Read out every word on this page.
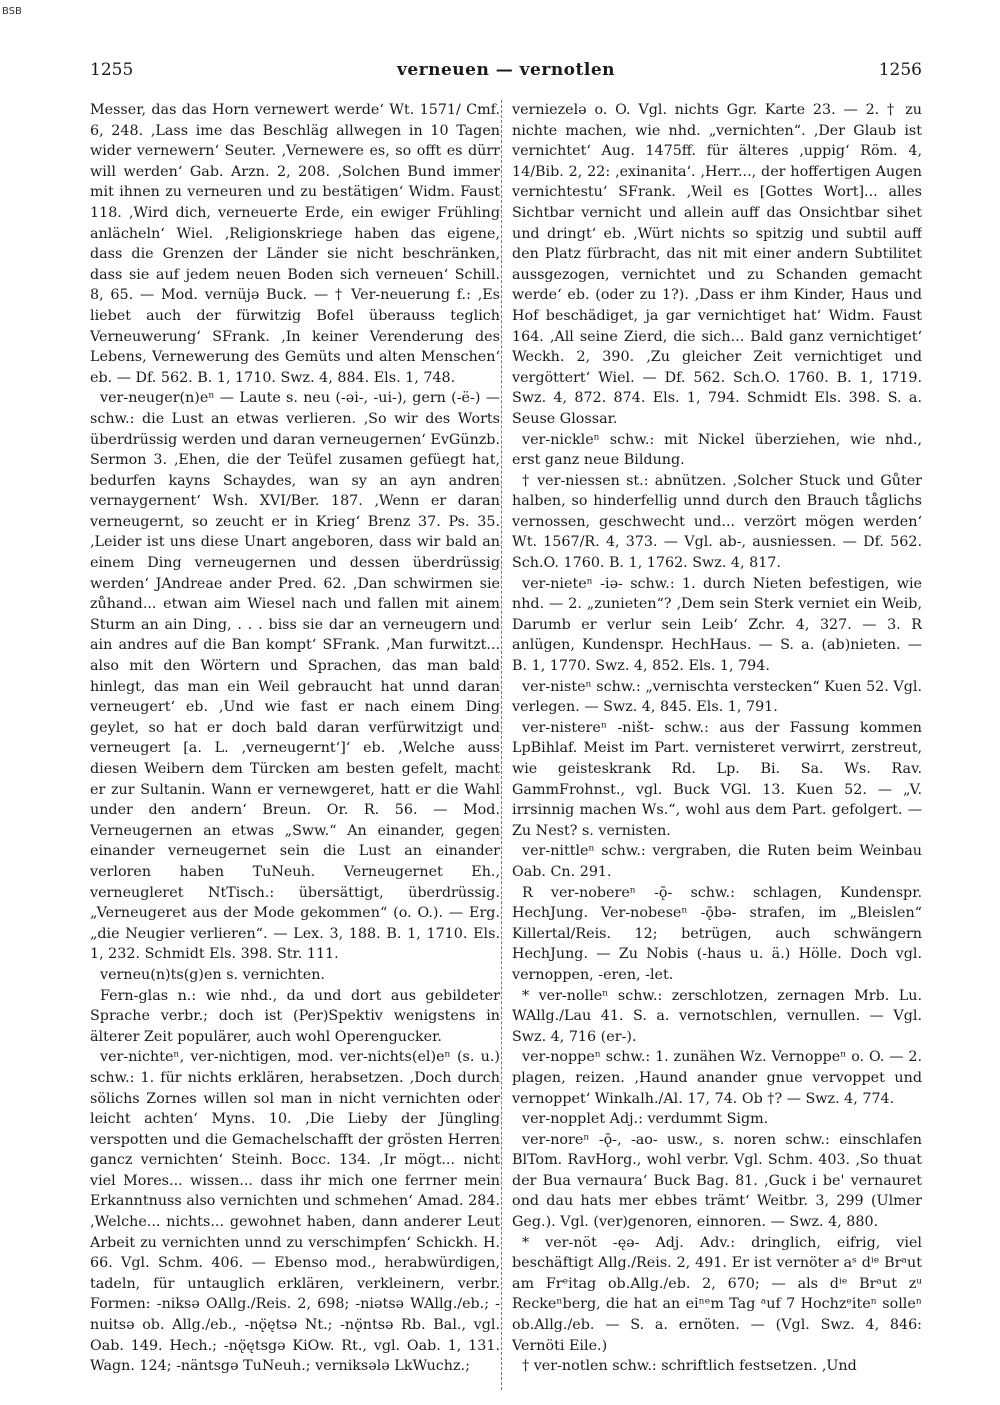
BSB
1255	verneuen — vernotlen	1256

Messer, das das Horn vernewert werde‘ Wt. 1571/ Cmf. 6, 248. ‚Lass ime das Beschläg allwegen in 10 Tagen wider vernewern‘ Seuter. ‚Vernewere es, so offt es dürr will werden‘ Gab. Arzn. 2, 208. ‚Solchen Bund immer mit ihnen zu verneuren und zu bestätigen‘ Widm. Faust 118. ‚Wird dich, verneuerte Erde, ein ewiger Frühling anlächeln‘ Wiel. ‚Religionskriege haben das eigene, dass die Grenzen der Länder sie nicht beschränken, dass sie auf jedem neuen Boden sich verneuen‘ Schill. 8, 65. — Mod. vernüjə Buck. — † Ver-neuerung f.: ‚Es liebet auch der fürwitzig Bofel überauss teglich Verneuwerung‘ SFrank. ‚In keiner Verenderung des Lebens, Vernewerung des Gemüts und alten Menschen‘ eb. — Df. 562. B. 1, 1710. Swz. 4, 884. Els. 1, 748.

ver-neuger(n)eⁿ — Laute s. neu (-əi-, -ui-), gern (-ë-) — schw.: die Lust an etwas verlieren. ‚So wir des Worts überdrüssig werden und daran verneugernen‘ EvGünzb. Sermon 3. ‚Ehen, die der Teüfel zusamen gefüegt hat, bedurfen kayns Schaydes, wan sy an ayn andren vernaygernent‘ Wsh. XVI/Ber. 187. ‚Wenn er daran verneugernt, so zeucht er in Krieg‘ Brenz 37. Ps. 35. ‚Leider ist uns diese Unart angeboren, dass wir bald an einem Ding verneugernen und dessen überdrüssig werden‘ JAndreae ander Pred. 62. ‚Dan schwirmen sie zůhand... etwan aim Wiesel nach und fallen mit ainem Sturm an ain Ding, . . . biss sie dar an verneugern und ain andres auf die Ban kompt‘ SFrank. ‚Man furwitzt... also mit den Wörtern und Sprachen, das man bald hinlegt, das man ein Weil gebraucht hat unnd daran verneugert‘ eb. ‚Und wie fast er nach einem Ding geylet, so hat er doch bald daran verfürwitzigt und verneugert [a. L. ‚verneugernt‘]‘ eb. ‚Welche auss diesen Weibern dem Türcken am besten gefelt, macht er zur Sultanin. Wann er vernewgeret, hatt er die Wahl under den andern‘ Breun. Or. R. 56. — Mod. Verneugernen an etwas „Sww.“ An einander, gegen einander verneugernet sein die Lust an einander verloren haben TuNeuh. Verneugernet Eh., verneugleret NtTisch.: übersättigt, überdrüssig. „Verneugeret aus der Mode gekommen“ (o. O.). — Erg. „die Neugier verlieren“. — Lex. 3, 188. B. 1, 1710. Els. 1, 232. Schmidt Els. 398. Str. 111.

verneu(n)ts(g)en s. vernichten.

Fern-glas n.: wie nhd., da und dort aus gebildeter Sprache verbr.; doch ist (Per)Spektiv wenigstens in älterer Zeit populärer, auch wohl Operengucker.

ver-nichteⁿ, ver-nichtigen, mod. ver-nichts(el)eⁿ (s. u.) schw.: 1. für nichts erklären, herabsetzen. ‚Doch durch sölichs Zornes willen sol man in nicht vernichten oder leicht achten‘ Myns. 10. ‚Die Lieby der Jüngling verspotten und die Gemachelschafft der grösten Herren gancz vernichten‘ Steinh. Bocc. 134. ‚Ir mögt... nicht viel Mores... wissen... dass ihr mich one ferrner mein Erkanntnuss also vernichten und schmehen‘ Amad. 284. ‚Welche... nichts... gewohnet haben, dann anderer Leut Arbeit zu vernichten unnd zu verschimpfen‘ Schickh. H. 66. Vgl. Schm. 406. — Ebenso mod., herabwürdigen, tadeln, für untauglich erklären, verkleinern, verbr. Formen: -niksə OAllg./Reis. 2, 698; -niətsə WAllg./eb.; -nuitsə ob. Allg./eb., -nǫ̈ętsə Nt.; -nǫ̈ntsə Rb. Bal., vgl. Oab. 149. Hech.; -nǫ̈ętsgə KiOw. Rt., vgl. Oab. 1, 131. Wagn. 124; -näntsgə TuNeuh.; verniksələ LkWuchz.;

verniezelə o. O. Vgl. nichts Ggr. Karte 23. — 2. † zu nichte machen, wie nhd. „vernichten“. ‚Der Glaub ist vernichtet‘ Aug. 1475ff. für älteres ‚uppig‘ Röm. 4, 14/Bib. 2, 22: ‚exinanita‘. ‚Herr..., der hoffertigen Augen vernichtestu‘ SFrank. ‚Weil es [Gottes Wort]... alles Sichtbar vernicht und allein auff das Onsichtbar sihet und dringt‘ eb. ‚Würt nichts so spitzig und subtil auff den Platz fürbracht, das nit mit einer andern Subtilitet aussgezogen, vernichtet und zu Schanden gemacht werde‘ eb. (oder zu 1?). ‚Dass er ihm Kinder, Haus und Hof beschädiget, ja gar vernichtiget hat‘ Widm. Faust 164. ‚All seine Zierd, die sich... Bald ganz vernichtiget‘ Weckh. 2, 390. ‚Zu gleicher Zeit vernichtiget und vergöttert‘ Wiel. — Df. 562. Sch.O. 1760. B. 1, 1719. Swz. 4, 872. 874. Els. 1, 794. Schmidt Els. 398. S. a. Seuse Glossar.

ver-nickleⁿ schw.: mit Nickel überziehen, wie nhd., erst ganz neue Bildung.

† ver-niessen st.: abnützen. ‚Solcher Stuck und Gůter halben, so hinderfellig unnd durch den Brauch tåglichs vernossen, geschwecht und... verzört mögen werden‘ Wt. 1567/R. 4, 373. — Vgl. ab-, ausniessen. — Df. 562. Sch.O. 1760. B. 1, 1762. Swz. 4, 817.

ver-nieteⁿ -iə- schw.: 1. durch Nieten befestigen, wie nhd. — 2. „zunieten“? ‚Dem sein Sterk verniet ein Weib, Darumb er verlur sein Leib‘ Zchr. 4, 327. — 3. R anlügen, Kundenspr. HechHaus. — S. a. (ab)nieten. — B. 1, 1770. Swz. 4, 852. Els. 1, 794.

ver-nisteⁿ schw.: „vernischta verstecken“ Kuen 52. Vgl. verlegen. — Swz. 4, 845. Els. 1, 791.

ver-nistereⁿ -ništ- schw.: aus der Fassung kommen LpBihlaf. Meist im Part. vernisteret verwirrt, zerstreut, wie geisteskrank Rd. Lp. Bi. Sa. Ws. Rav. GammFrohnst., vgl. Buck VGl. 13. Kuen 52. — „V. irrsinnig machen Ws.“, wohl aus dem Part. gefolgert. — Zu Nest? s. vernisten.

ver-nittleⁿ schw.: vergraben, die Ruten beim Weinbau Oab. Cn. 291.

R ver-nobereⁿ -ǭ- schw.: schlagen, Kundenspr. HechJung. Ver-nobeseⁿ -ǭbə- strafen, im „Bleislen“ Killertal/Reis. 12; betrügen, auch schwängern HechJung. — Zu Nobis (-haus u. ä.) Hölle. Doch vgl. vernoppen, -eren, -let.

* ver-nolleⁿ schw.: zerschlotzen, zernagen Mrb. Lu. WAllg./Lau 41. S. a. vernotschlen, vernullen. — Vgl. Swz. 4, 716 (er-).

ver-noppeⁿ schw.: 1. zunähen Wz. Vernoppeⁿ o. O. — 2. plagen, reizen. ‚Haund anander gnue vervoppet und vernoppet‘ Winkalh./Al. 17, 74. Ob †? — Swz. 4, 774.

ver-nopplet Adj.: verdummt Sigm.

ver-noreⁿ -ǭ-, -ao- usw., s. noren schw.: einschlafen BlTom. RavHorg., wohl verbr. Vgl. Schm. 403. ‚So thuat der Bua vernaura‘ Buck Bag. 81. ‚Guck i be' vernauret ond dau hats mer ebbes trämt‘ Weitbr. 3, 299 (Ulmer Geg.). Vgl. (ver)genoren, einnoren. — Swz. 4, 880.

* ver-nöt -ęə- Adj. Adv.: dringlich, eifrig, viel beschäftigt Allg./Reis. 2, 491. Er ist vernöter aˢ dⁱᵉ Brᵃut am Frᵉitag ob.Allg./eb. 2, 670; — als dⁱᵉ Brᵃut zᵘ Reckeⁿberg, die hat an eiⁿᵉm Tag ᵃuf 7 Hochzᵉiteⁿ solleⁿ ob.Allg./eb. — S. a. ernöten. — (Vgl. Swz. 4, 846: Vernöti Eile.)

† ver-notlen schw.: schriftlich festsetzen. ‚Und
